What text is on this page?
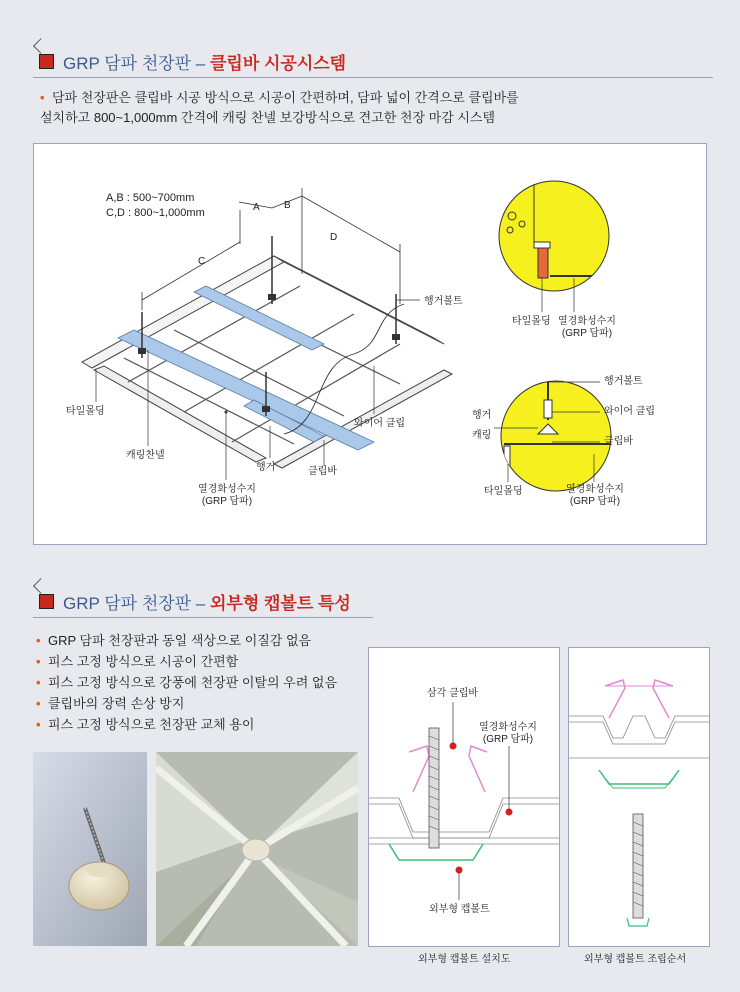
GRP 담파 천장판 – 클립바 시공시스템
• 담파 천장판은 클립바 시공 방식으로 시공이 간편하며, 담파 넓이 간격으로 클립바를
설치하고 800~1,000mm 간격에 캐링 찬넬 보강방식으로 견고한 천장 마감 시스템
A,B : 500~700mm
C,D : 800~1,000mm	A B
C
D
행거볼트
타일몰딩
와이어 클립
캐링찬넬
행거	클립바
열경화성수지
(GRP 담파)
타일몰딩 열경화성수지
(GRP 담파)
행거볼트
행거	와이어 클립
캐링
클립바
타일몰딩	열경화성수지
(GRP 담파)
GRP 담파 천장판 – 외부형 캡볼트 특성
• GRP 담파 천장판과 동일 색상으로 이질감 없음
• 피스 고정 방식으로 시공이 간편함
• 피스 고정 방식으로 강풍에 천장판 이탈의 우려 없음
• 클립바의 장력 손상 방지
• 피스 고정 방식으로 천장판 교체 용이
삼각 클립바
열경화성수지
(GRP 담파)
외부형 캡볼트
외부형 캡볼트 설치도	외부형 캡볼트 조립순서
